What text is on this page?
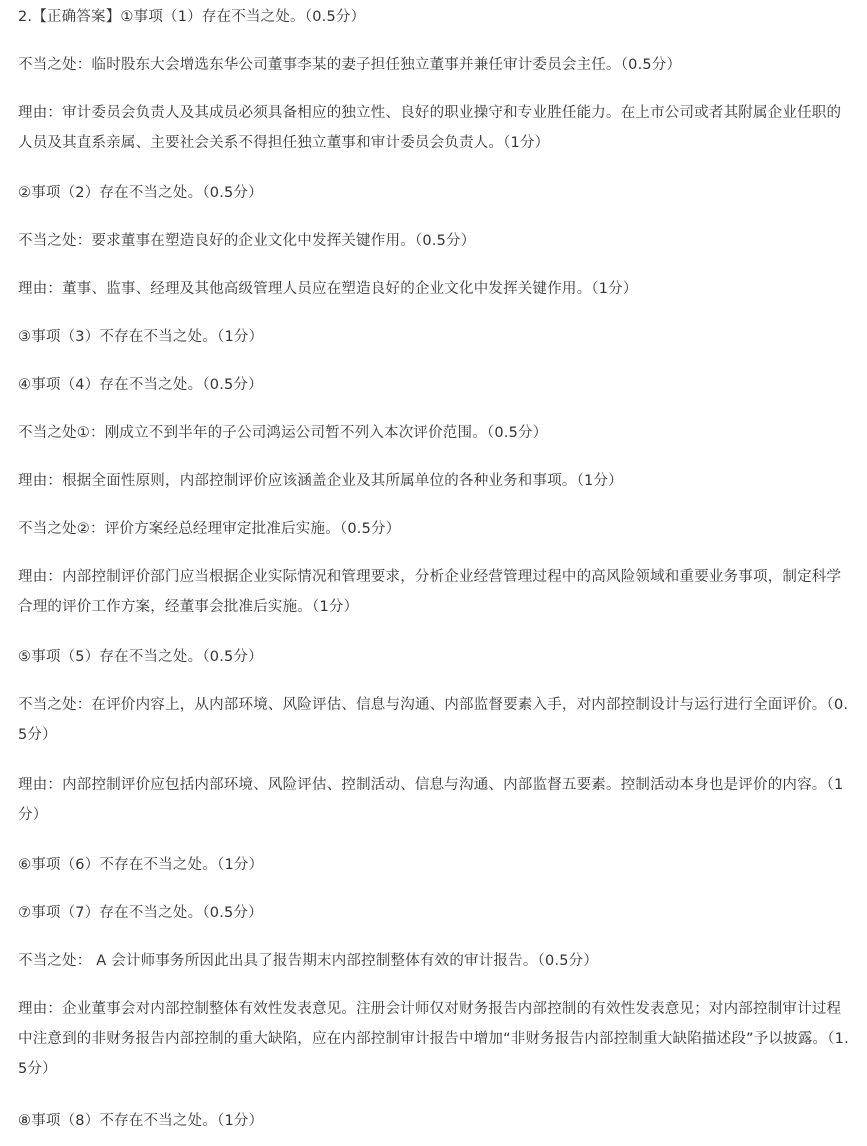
2.【正确答案】①事项（1）存在不当之处。（0.5分）

不当之处：临时股东大会增选东华公司董事李某的妻子担任独立董事并兼任审计委员会主任。（0.5分）

理由：审计委员会负责人及其成员必须具备相应的独立性、良好的职业操守和专业胜任能力。在上市公司或者其附属企业任职的人员及其直系亲属、主要社会关系不得担任独立董事和审计委员会负责人。（1分）

②事项（2）存在不当之处。（0.5分）

不当之处：要求董事在塑造良好的企业文化中发挥关键作用。（0.5分）

理由：董事、监事、经理及其他高级管理人员应在塑造良好的企业文化中发挥关键作用。（1分）

③事项（3）不存在不当之处。（1分）

④事项（4）存在不当之处。（0.5分）

不当之处①：刚成立不到半年的子公司鸿运公司暂不列入本次评价范围。（0.5分）

理由：根据全面性原则，内部控制评价应该涵盖企业及其所属单位的各种业务和事项。（1分）

不当之处②：评价方案经总经理审定批准后实施。（0.5分）

理由：内部控制评价部门应当根据企业实际情况和管理要求，分析企业经营管理过程中的高风险领域和重要业务事项，制定科学合理的评价工作方案，经董事会批准后实施。（1分）

⑤事项（5）存在不当之处。（0.5分）

不当之处：在评价内容上，从内部环境、风险评估、信息与沟通、内部监督要素入手，对内部控制设计与运行进行全面评价。（0.5分）

理由：内部控制评价应包括内部环境、风险评估、控制活动、信息与沟通、内部监督五要素。控制活动本身也是评价的内容。（1分）

⑥事项（6）不存在不当之处。（1分）

⑦事项（7）存在不当之处。（0.5分）

不当之处： A 会计师事务所因此出具了报告期末内部控制整体有效的审计报告。（0.5分）

理由：企业董事会对内部控制整体有效性发表意见。注册会计师仅对财务报告内部控制的有效性发表意见；对内部控制审计过程中注意到的非财务报告内部控制的重大缺陷，应在内部控制审计报告中增加“非财务报告内部控制重大缺陷描述段”予以披露。（1.5分）

⑧事项（8）不存在不当之处。（1分）
